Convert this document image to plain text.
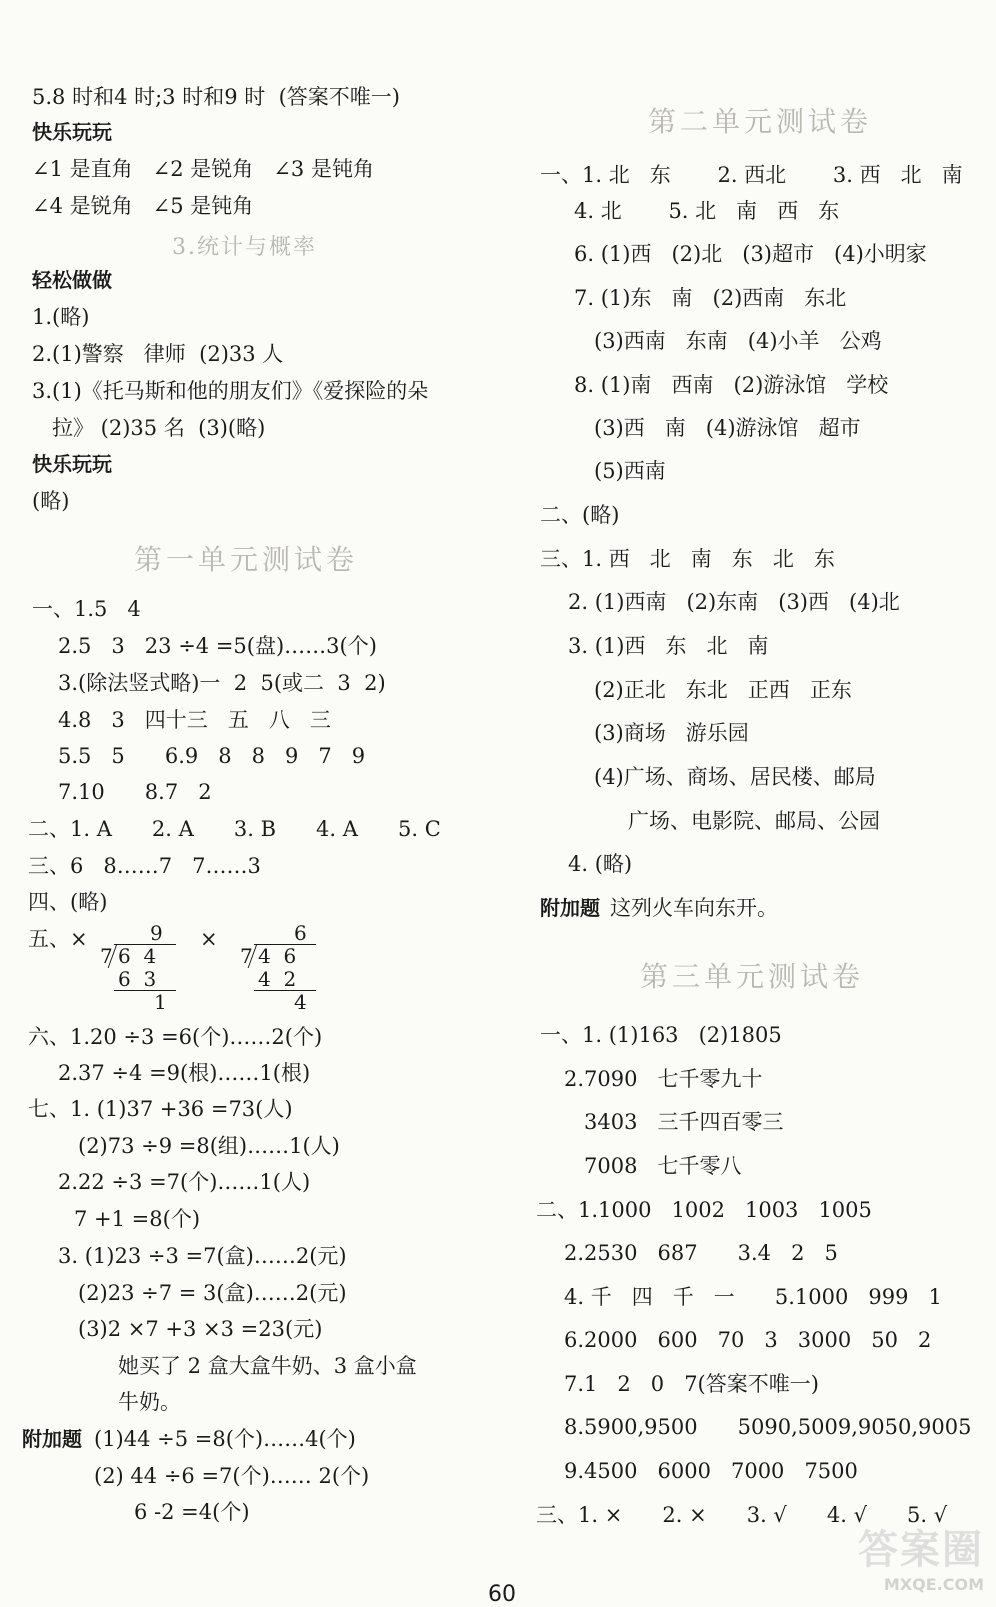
5.8 时和4 时;3 时和9 时  (答案不唯一)
快乐玩玩
∠1 是直角   ∠2 是锐角   ∠3 是钝角
∠4 是锐角   ∠5 是钝角
3.统计与概率
轻松做做
1.(略)
2.(1)警察   律师  (2)33 人
3.(1)《托马斯和他的朋友们》《爱探险的朵
拉》 (2)35 名  (3)(略)
快乐玩玩
(略)
第一单元测试卷
一、1.5   4
2.5   3   23 ÷4 =5(盘)……3(个)
3.(除法竖式略)一  2  5(或二  3  2)
4.8   3   四十三   五   八   三
5.5   5      6.9   8   8   9   7   9
7.10      8.7   2
二、1. A      2. A      3. B      4. A      5. C
三、6   8……7   7……3
四、(略)
五、×	9
7 6  4
6  3
1
×	6
7 4  6
4  2
4
六、1.20 ÷3 =6(个)……2(个)
2.37 ÷4 =9(根)……1(根)
七、1. (1)37 +36 =73(人)
(2)73 ÷9 =8(组)……1(人)
2.22 ÷3 =7(个)……1(人)
7 +1 =8(个)
3. (1)23 ÷3 =7(盒)……2(元)
(2)23 ÷7 = 3(盒)……2(元)
(3)2 ×7 +3 ×3 =23(元)
她买了 2 盒大盒牛奶、3 盒小盒
牛奶。
附加题 (1)44 ÷5 =8(个)……4(个)
(2) 44 ÷6 =7(个)…… 2(个)
6 -2 =4(个)
第二单元测试卷
一、1. 北   东       2. 西北       3. 西   北   南
4. 北       5. 北   南   西   东
6. (1)西   (2)北   (3)超市   (4)小明家
7. (1)东   南   (2)西南   东北
(3)西南   东南   (4)小羊   公鸡
8. (1)南   西南   (2)游泳馆   学校
(3)西   南   (4)游泳馆   超市
(5)西南
二、(略)
三、1. 西   北   南   东   北   东
2. (1)西南   (2)东南   (3)西   (4)北
3. (1)西   东   北   南
(2)正北   东北   正西   正东
(3)商场   游乐园
(4)广场、商场、居民楼、邮局
广场、电影院、邮局、公园
4. (略)
附加题 这列火车向东开。
第三单元测试卷
一、1. (1)163   (2)1805
2.7090   七千零九十
3403   三千四百零三
7008   七千零八
二、1.1000   1002   1003   1005
2.2530   687      3.4   2   5
4. 千   四   千   一      5.1000   999   1
6.2000   600   70   3   3000   50   2
7.1   2   0   7(答案不唯一)
8.5900,9500      5090,5009,9050,9005
9.4500   6000   7000   7500
三、1. ×      2. ×      3. √      4. √      5. √
60
答案圈
MXQE.COM
